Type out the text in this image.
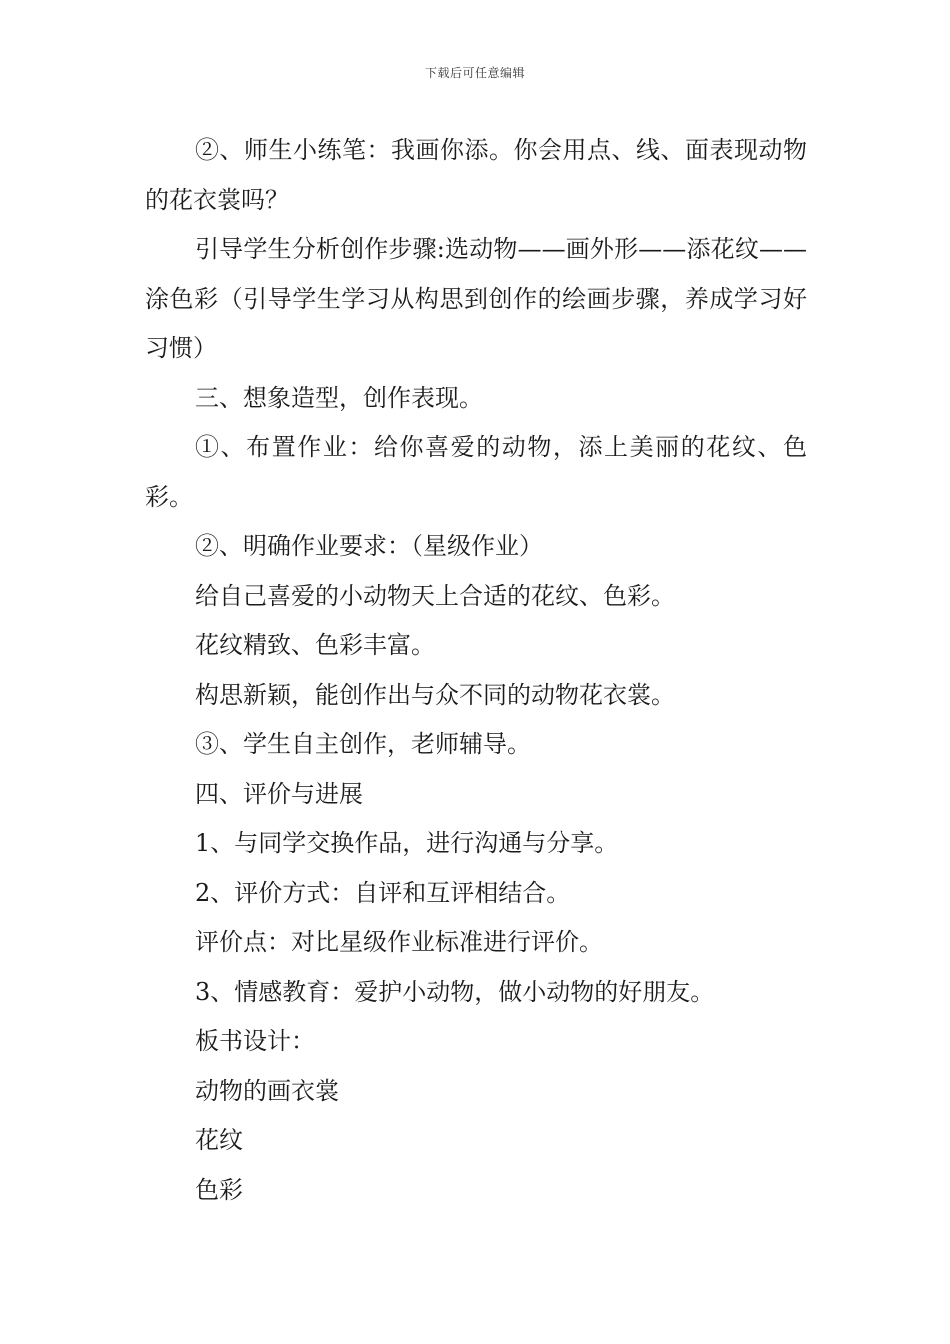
下载后可任意编辑

②、师生小练笔：我画你添。你会用点、线、面表现动物的花衣裳吗？

引导学生分析创作步骤:选动物——画外形——添花纹——涂色彩（引导学生学习从构思到创作的绘画步骤，养成学习好习惯）

三、想象造型，创作表现。

①、布置作业：给你喜爱的动物，添上美丽的花纹、色彩。

②、明确作业要求：（星级作业）

给自己喜爱的小动物天上合适的花纹、色彩。

花纹精致、色彩丰富。

构思新颖，能创作出与众不同的动物花衣裳。

③、学生自主创作，老师辅导。

四、评价与进展

1、与同学交换作品，进行沟通与分享。

2、评价方式：自评和互评相结合。

评价点：对比星级作业标准进行评价。

3、情感教育：爱护小动物，做小动物的好朋友。

板书设计：

动物的画衣裳

花纹

色彩
